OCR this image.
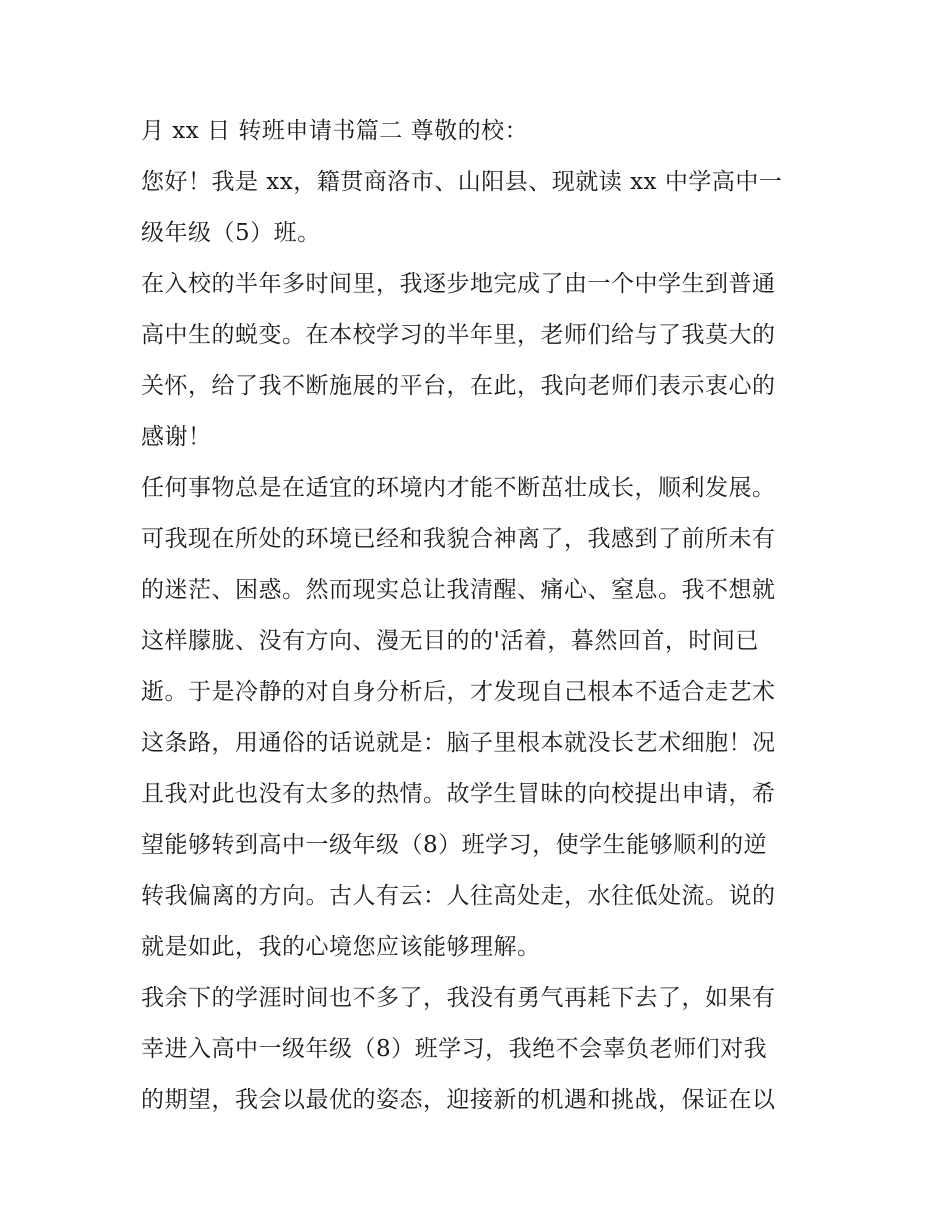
月 xx 日 转班申请书篇二 尊敬的校：
您好！我是 xx，籍贯商洛市、山阳县、现就读 xx 中学高中一
级年级（5）班。
在入校的半年多时间里，我逐步地完成了由一个中学生到普通
高中生的蜕变。在本校学习的半年里，老师们给与了我莫大的
关怀，给了我不断施展的平台，在此，我向老师们表示衷心的
感谢！
任何事物总是在适宜的环境内才能不断茁壮成长，顺利发展。
可我现在所处的环境已经和我貌合神离了，我感到了前所未有
的迷茫、困惑。然而现实总让我清醒、痛心、窒息。我不想就
这样朦胧、没有方向、漫无目的的'活着，暮然回首，时间已
逝。于是冷静的对自身分析后，才发现自己根本不适合走艺术
这条路，用通俗的话说就是：脑子里根本就没长艺术细胞！况
且我对此也没有太多的热情。故学生冒昧的向校提出申请，希
望能够转到高中一级年级（8）班学习，使学生能够顺利的逆
转我偏离的方向。古人有云：人往高处走，水往低处流。说的
就是如此，我的心境您应该能够理解。
我余下的学涯时间也不多了，我没有勇气再耗下去了，如果有
幸进入高中一级年级（8）班学习，我绝不会辜负老师们对我
的期望，我会以最优的姿态，迎接新的机遇和挑战，保证在以
